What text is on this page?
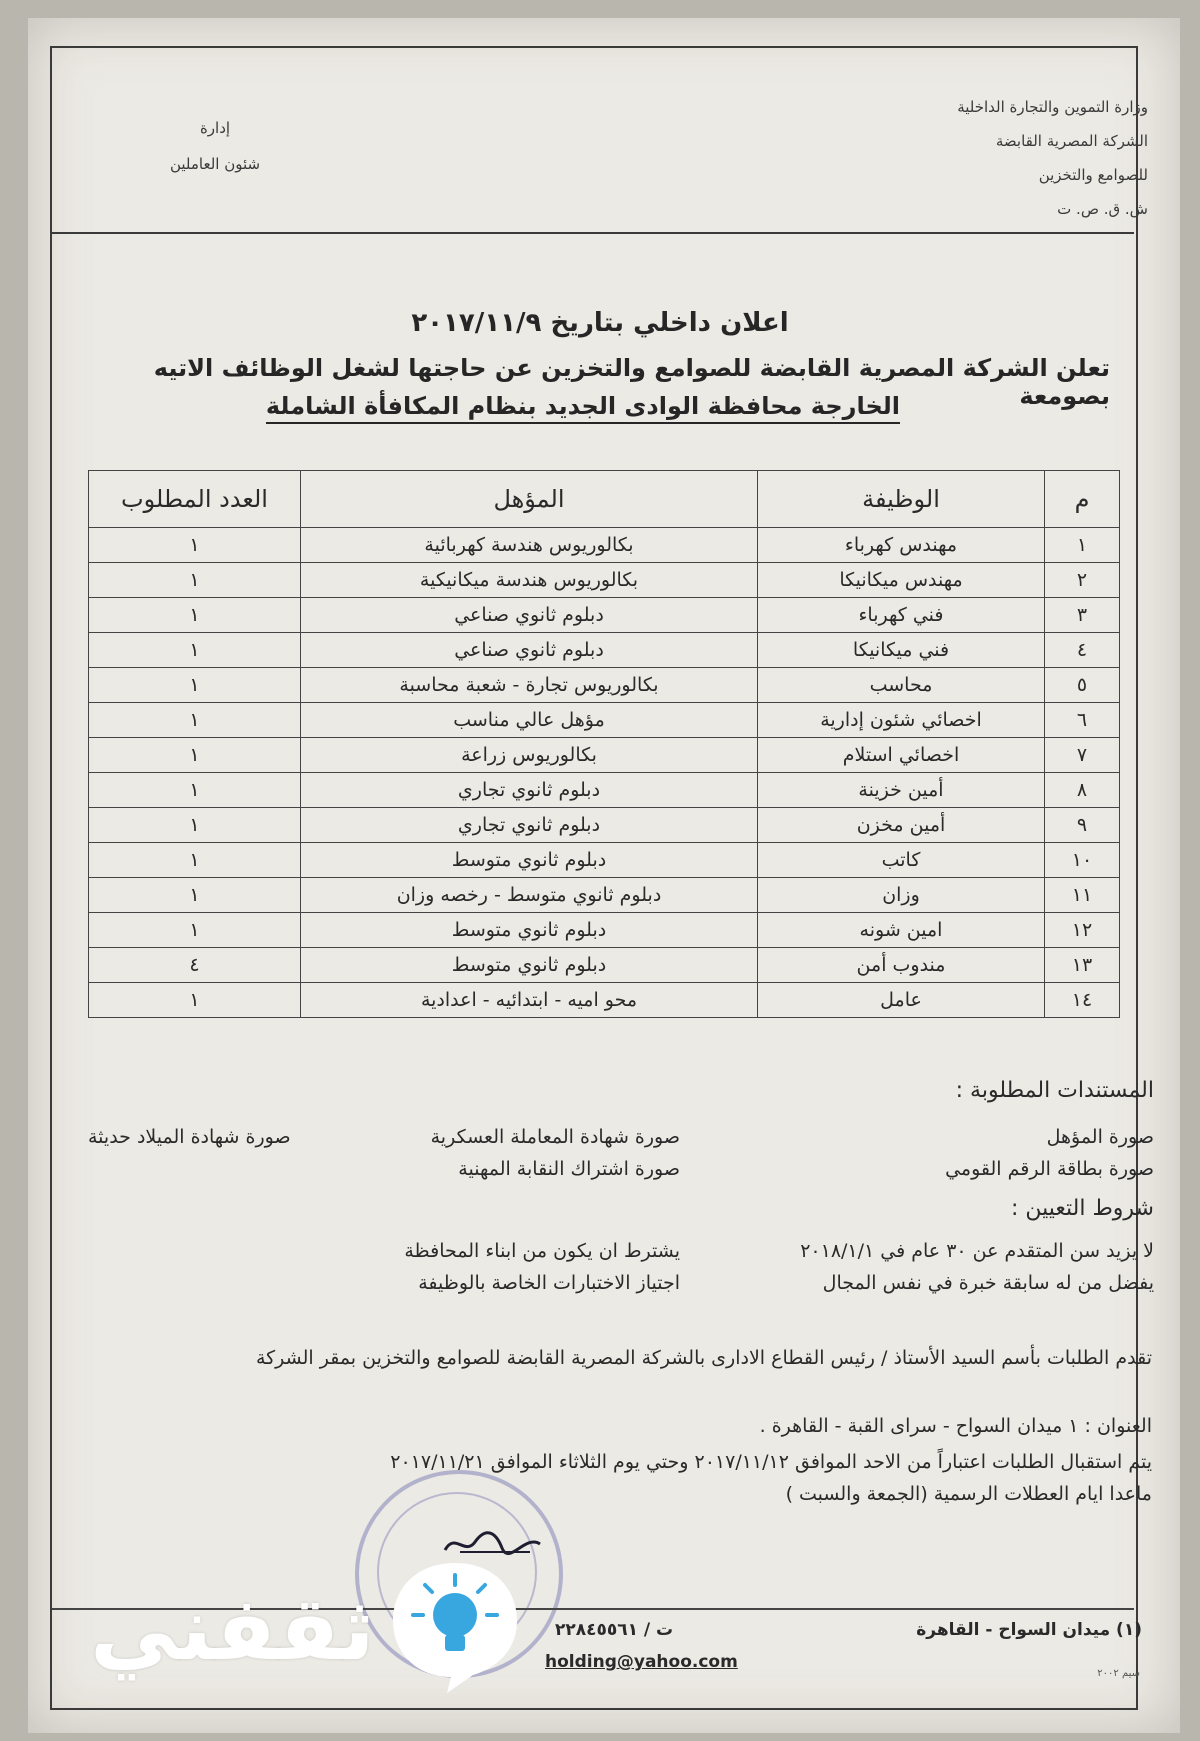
وزارة التموين والتجارة الداخلية
الشركة المصرية القابضة
للصوامع والتخزين
ش. ق. ص. ت
إدارة
شئون العاملين
اعلان داخلي بتاريخ ٢٠١٧/١١/٩
تعلن الشركة المصرية القابضة للصوامع والتخزين عن حاجتها لشغل الوظائف الاتيه بصومعة
الخارجة محافظة الوادى الجديد بنظام المكافأة الشاملة
م	الوظيفة	المؤهل	العدد المطلوب
١	مهندس كهرباء	بكالوريوس هندسة كهربائية	١
٢	مهندس ميكانيكا	بكالوريوس هندسة ميكانيكية	١
٣	فني كهرباء	دبلوم ثانوي صناعي	١
٤	فني ميكانيكا	دبلوم ثانوي صناعي	١
٥	محاسب	بكالوريوس تجارة - شعبة محاسبة	١
٦	اخصائي شئون إدارية	مؤهل عالي مناسب	١
٧	اخصائي استلام	بكالوريوس زراعة	١
٨	أمين خزينة	دبلوم ثانوي تجاري	١
٩	أمين مخزن	دبلوم ثانوي تجاري	١
١٠	كاتب	دبلوم ثانوي متوسط	١
١١	وزان	دبلوم ثانوي متوسط - رخصه وزان	١
١٢	امين شونه	دبلوم ثانوي متوسط	١
١٣	مندوب أمن	دبلوم ثانوي متوسط	٤
١٤	عامل	محو اميه - ابتدائيه - اعدادية	١
المستندات المطلوبة :
صورة المؤهل
صورة بطاقة الرقم القومي
صورة شهادة المعاملة العسكرية
صورة اشتراك النقابة المهنية
صورة شهادة الميلاد حديثة
شروط التعيين :
لا يزيد سن المتقدم عن ٣٠ عام في ٢٠١٨/١/١
يفضل من له سابقة خبرة في نفس المجال
يشترط ان يكون من ابناء المحافظة
اجتياز الاختبارات الخاصة بالوظيفة
تقدم الطلبات بأسم السيد الأستاذ / رئيس القطاع الادارى بالشركة المصرية القابضة للصوامع والتخزين بمقر الشركة
العنوان : ١ ميدان السواح - سراى القبة - القاهرة .
يتم استقبال الطلبات اعتباراً من الاحد الموافق ٢٠١٧/١١/١٢ وحتي يوم الثلاثاء الموافق ٢٠١٧/١١/٢١
ماعدا ايام العطلات الرسمية (الجمعة والسبت )
(١) ميدان السواح - القاهرة
ت / ٢٢٨٤٥٥٦١
holding@yahoo.com
سيم ٢٠٠٢
ثقفني
